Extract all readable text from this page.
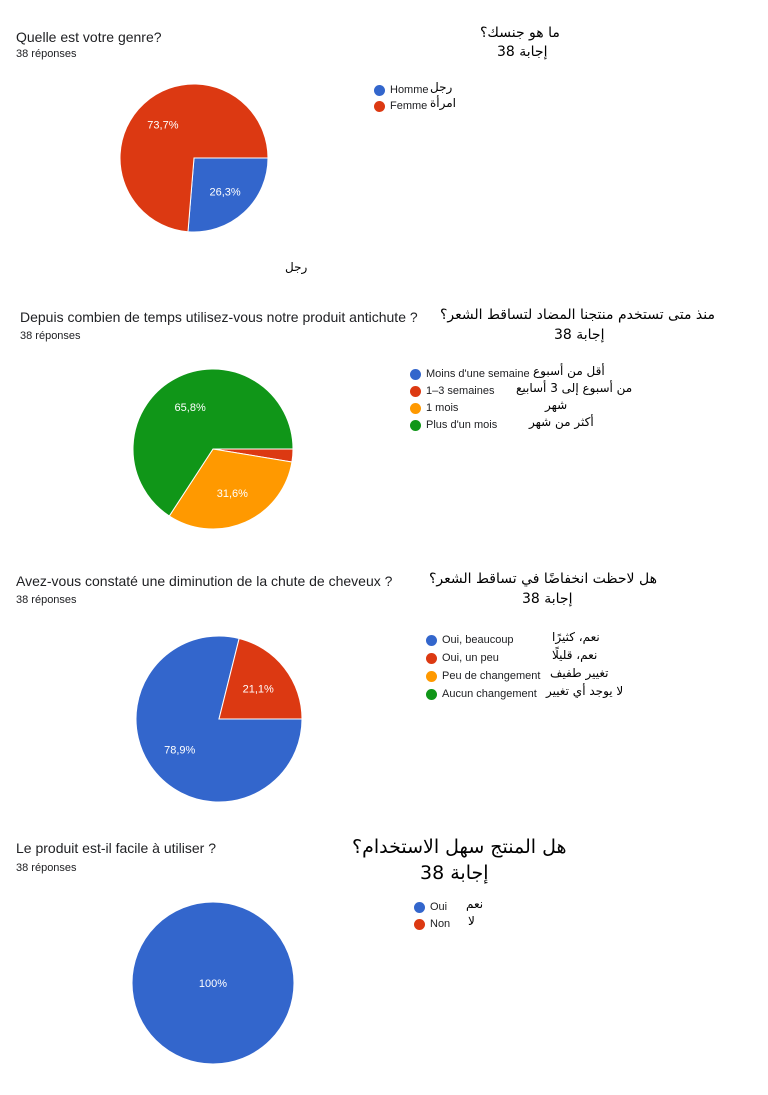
Quelle est votre genre?
38 réponses
ما هو جنسك؟
38 إجابة
26,3%
73,7%
Homme رجل
Femme امرأة
رجل
Depuis combien de temps utilisez-vous notre produit antichute ?
38 réponses
منذ متى تستخدم منتجنا المضاد لتساقط الشعر؟
38 إجابة
31,6%
65,8%
Moins d'une semaine أقل من أسبوع
1–3 semaines من أسبوع إلى 3 أسابيع
1 mois	شهر
Plus d'un mois	أكثر من شهر
Avez-vous constaté une diminution de la chute de cheveux ?
38 réponses
هل لاحظت انخفاضًا في تساقط الشعر؟
38 إجابة
78,9%
21,1%
Oui, beaucoup	نعم، كثيرًا
Oui, un peu	نعم، قليلًا
Peu de changement تغيير طفيف
Aucun changement لا يوجد أي تغيير
Le produit est-il facile à utiliser ?
38 réponses
هل المنتج سهل الاستخدام؟
38 إجابة
100%
Oui نعم
Non لا
